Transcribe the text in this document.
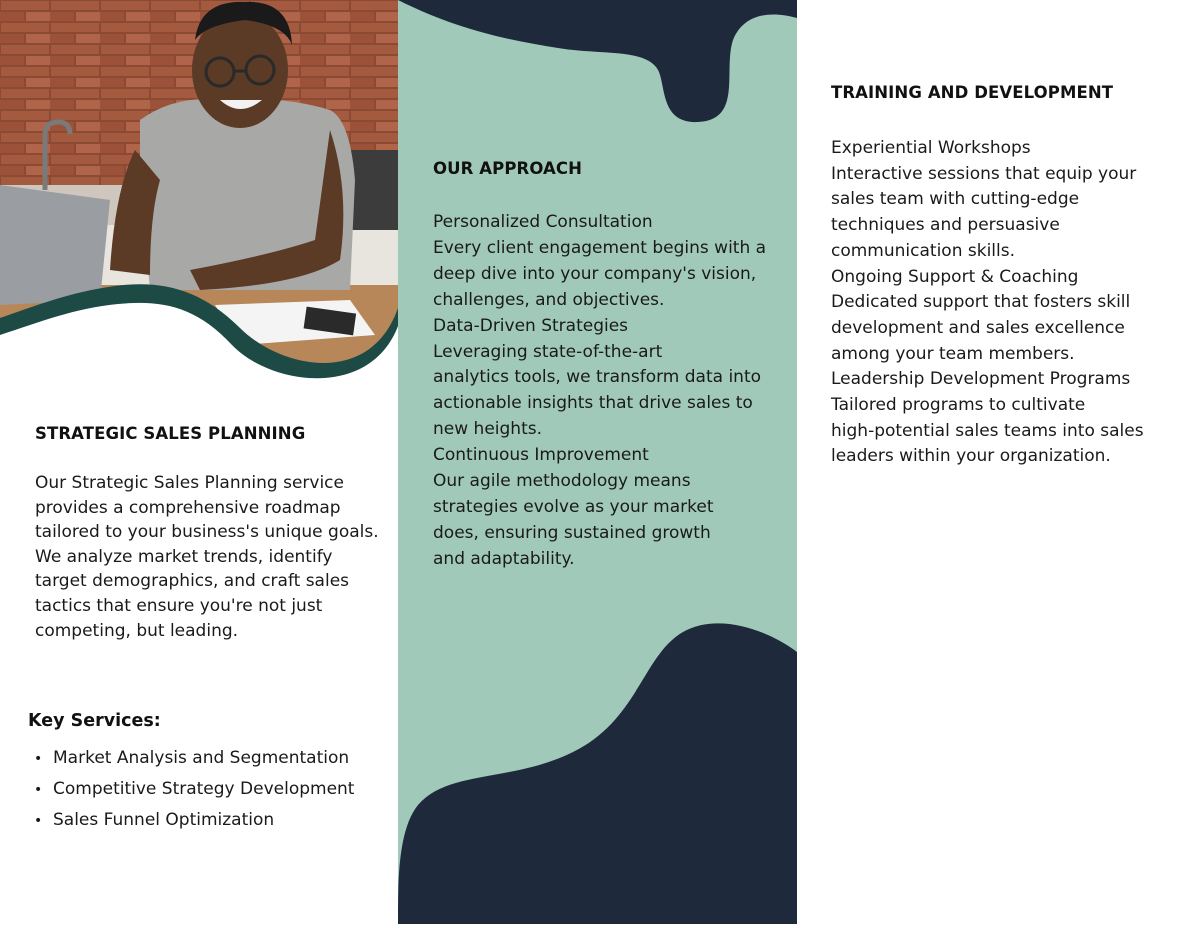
STRATEGIC SALES PLANNING

Our Strategic Sales Planning service
provides a comprehensive roadmap
tailored to your business's unique goals.
We analyze market trends, identify
target demographics, and craft sales
tactics that ensure you're not just
competing, but leading.

Key Services:
• Market Analysis and Segmentation
• Competitive Strategy Development
• Sales Funnel Optimization
OUR APPROACH

Personalized Consultation
Every client engagement begins with a
deep dive into your company's vision,
challenges, and objectives.
Data-Driven Strategies
Leveraging state-of-the-art
analytics tools, we transform data into
actionable insights that drive sales to
new heights.
Continuous Improvement
Our agile methodology means
strategies evolve as your market
does, ensuring sustained growth
and adaptability.

TRAINING AND DEVELOPMENT

Experiential Workshops
Interactive sessions that equip your
sales team with cutting-edge
techniques and persuasive
communication skills.
Ongoing Support & Coaching
Dedicated support that fosters skill
development and sales excellence
among your team members.
Leadership Development Programs
Tailored programs to cultivate
high-potential sales teams into sales
leaders within your organization.
